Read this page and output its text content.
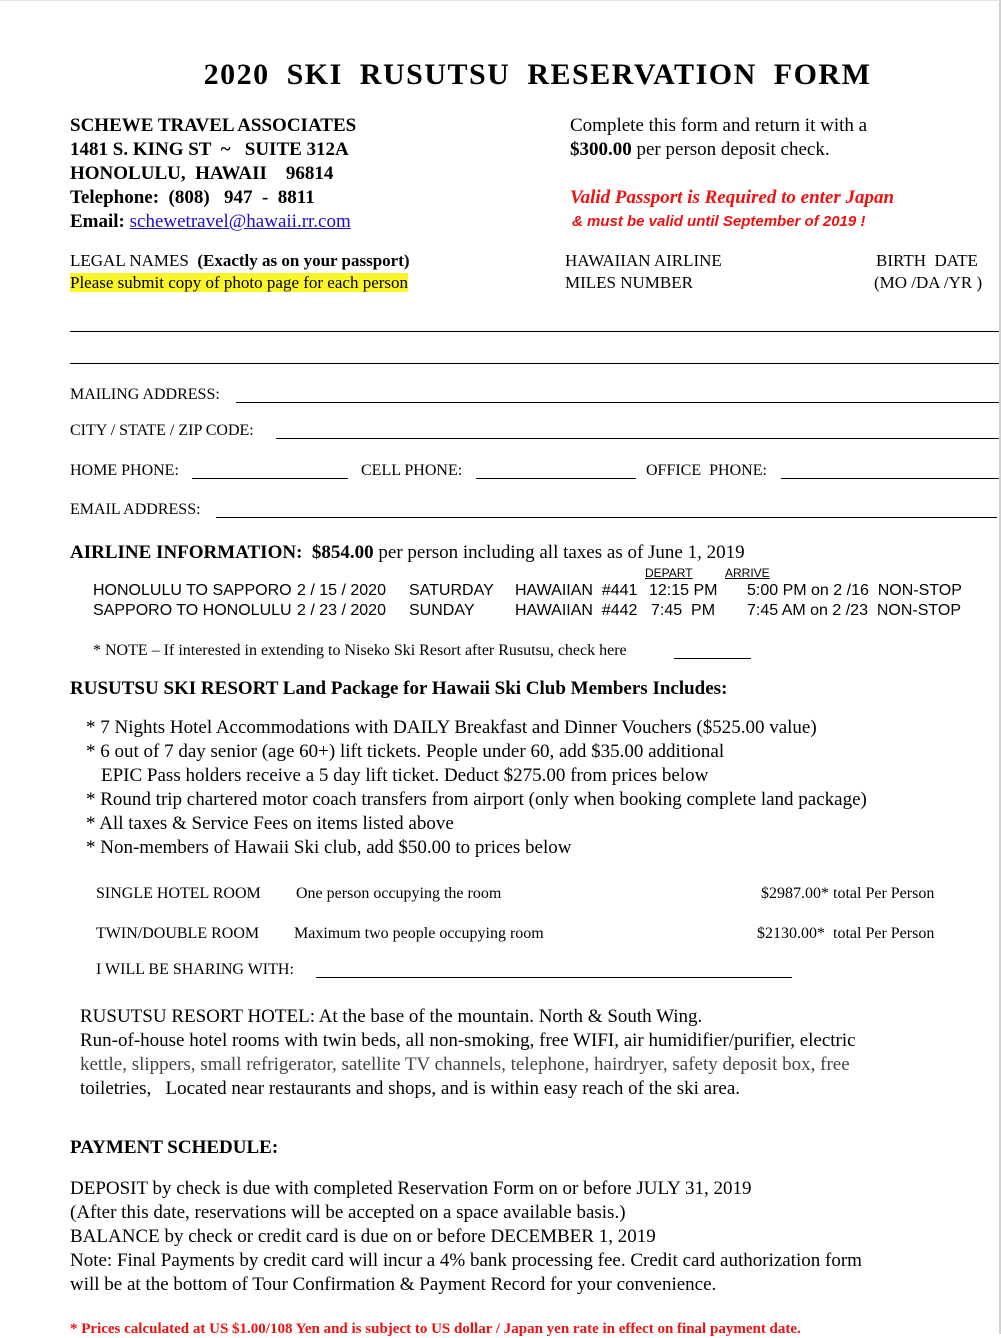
2020 SKI RUSUTSU RESERVATION FORM
SCHEWE TRAVEL ASSOCIATES
1481 S. KING ST  ~   SUITE 312A
HONOLULU,  HAWAII    96814
Telephone:  (808)   947  -  8811
Email: schewetravel@hawaii.rr.com
Complete this form and return it with a
$300.00 per person deposit check.
Valid Passport is Required to enter Japan
& must be valid until September of 2019 !
LEGAL NAMES (Exactly as on your passport)
Please submit copy of photo page for each person
HAWAIIAN AIRLINE
MILES NUMBER
BIRTH  DATE
(MO /DA /YR )
MAILING ADDRESS:
CITY / STATE / ZIP CODE:
HOME PHONE:	CELL PHONE:	OFFICE  PHONE:
EMAIL ADDRESS:
AIRLINE INFORMATION: $854.00 per person including all taxes as of June 1, 2019
DEPART	ARRIVE
HONOLULU TO SAPPORO 2 / 15 / 2020 SATURDAY HAWAIIAN  #441 12:15 PM 5:00 PM on 2 /16  NON-STOP
SAPPORO TO HONOLULU 2 / 23 / 2020 SUNDAY	HAWAIIAN  #442 7:45  PM 7:45 AM on 2 /23  NON-STOP
* NOTE – If interested in extending to Niseko Ski Resort after Rusutsu, check here
RUSUTSU SKI RESORT Land Package for Hawaii Ski Club Members Includes:
* 7 Nights Hotel Accommodations with DAILY Breakfast and Dinner Vouchers ($525.00 value)
* 6 out of 7 day senior (age 60+) lift tickets. People under 60, add $35.00 additional
EPIC Pass holders receive a 5 day lift ticket. Deduct $275.00 from prices below
* Round trip chartered motor coach transfers from airport (only when booking complete land package)
* All taxes & Service Fees on items listed above
* Non-members of Hawaii Ski club, add $50.00 to prices below
SINGLE HOTEL ROOM One person occupying the room	$2987.00* total Per Person
TWIN/DOUBLE ROOM Maximum two people occupying room	$2130.00*  total Per Person
I WILL BE SHARING WITH:
RUSUTSU RESORT HOTEL: At the base of the mountain. North & South Wing.
Run-of-house hotel rooms with twin beds, all non-smoking, free WIFI, air humidifier/purifier, electric
kettle, slippers, small refrigerator, satellite TV channels, telephone, hairdryer, safety deposit box, free
toiletries,   Located near restaurants and shops, and is within easy reach of the ski area.
PAYMENT SCHEDULE:
DEPOSIT by check is due with completed Reservation Form on or before JULY 31, 2019
(After this date, reservations will be accepted on a space available basis.)
BALANCE by check or credit card is due on or before DECEMBER 1, 2019
Note: Final Payments by credit card will incur a 4% bank processing fee. Credit card authorization form
will be at the bottom of Tour Confirmation & Payment Record for your convenience.
* Prices calculated at US $1.00/108 Yen and is subject to US dollar / Japan yen rate in effect on final payment date.
